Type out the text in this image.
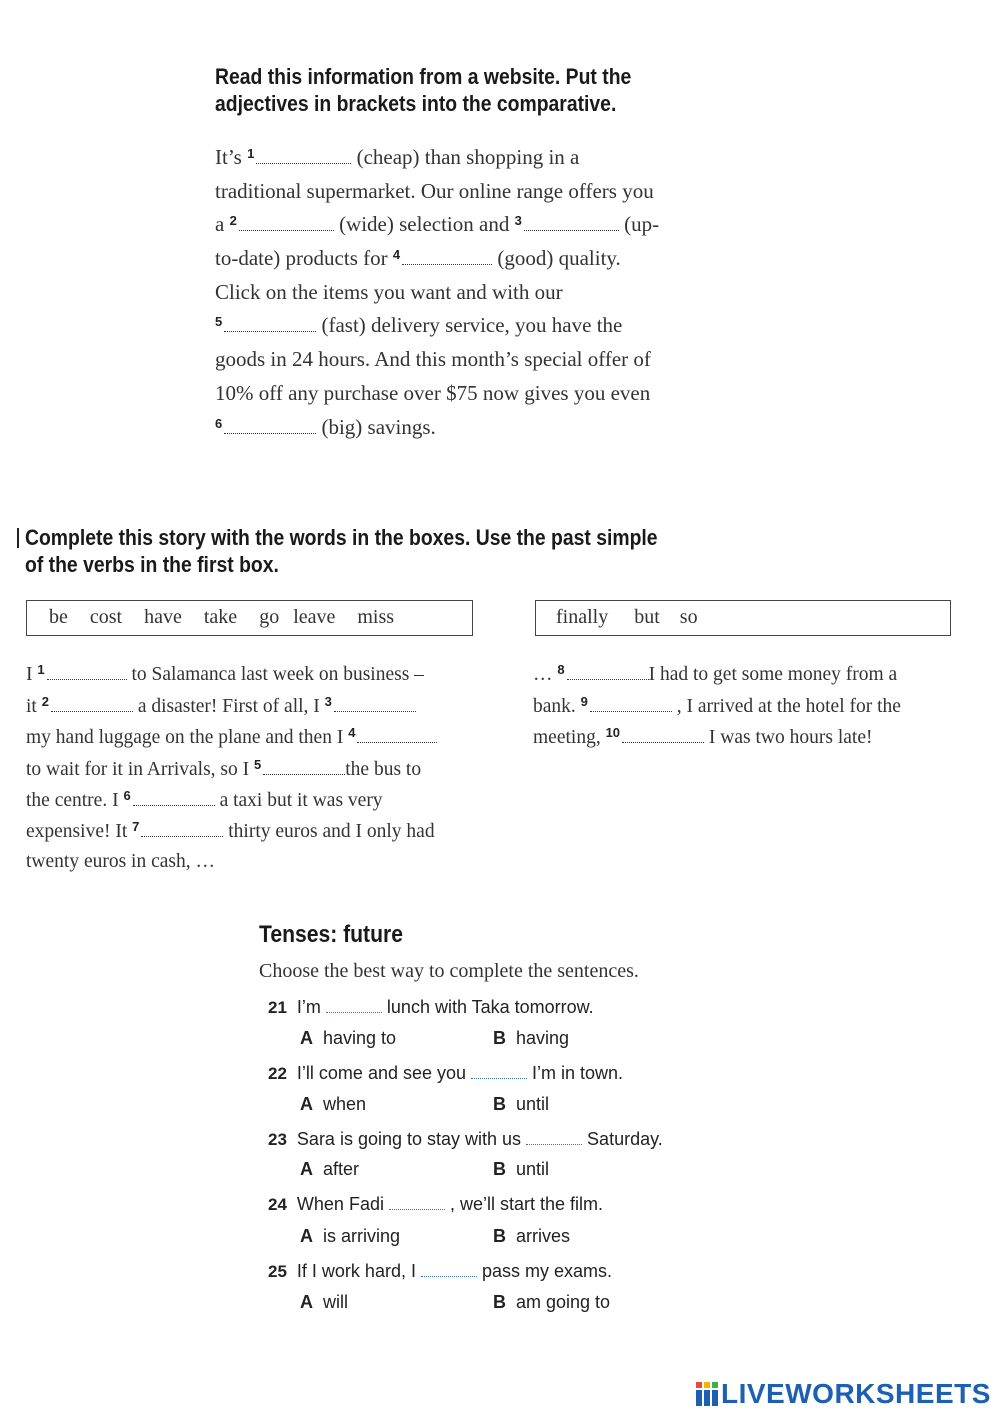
Read this information from a website. Put the
adjectives in brackets into the comparative.
It’s $^1$	(cheap) than shopping in a
traditional supermarket. Our online range offers you
a $^2$	(wide) selection and $^3$	(up-
to-date) products for $^4$	(good) quality.
Click on the items you want and with our
$^5$	(fast) delivery service, you have the
goods in 24 hours. And this month’s special offer of
10% off any purchase over $75 now gives you even
$^6$	(big) savings.
Complete this story with the words in the boxes. Use the past simple
of the verbs in the first box.
be cost have take go leave miss	finally but so
I $^1$	to Salamanca last week on business –
it $^2$	a disaster! First of all, I $^3$
my hand luggage on the plane and then I $^4$
to wait for it in Arrivals, so I $^5$	the bus to
the centre. I $^6$	a taxi but it was very
expensive! It $^7$	thirty euros and I only had
twenty euros in cash, …
… $^8$	I had to get some money from a
bank. $^9$	, I arrived at the hotel for the
meeting, $^{10}$	I was two hours late!
Tenses: future
Choose the best way to complete the sentences.
21 I’m	lunch with Taka tomorrow.
A having to	B having
22 I’ll come and see you	I’m in town.
A when	B until
23 Sara is going to stay with us	Saturday.
A after	B until
24 When Fadi	, we’ll start the film.
A is arriving	B arrives
25 If I work hard, I	pass my exams.
A will	B am going to
LIVEWORKSHEETS
